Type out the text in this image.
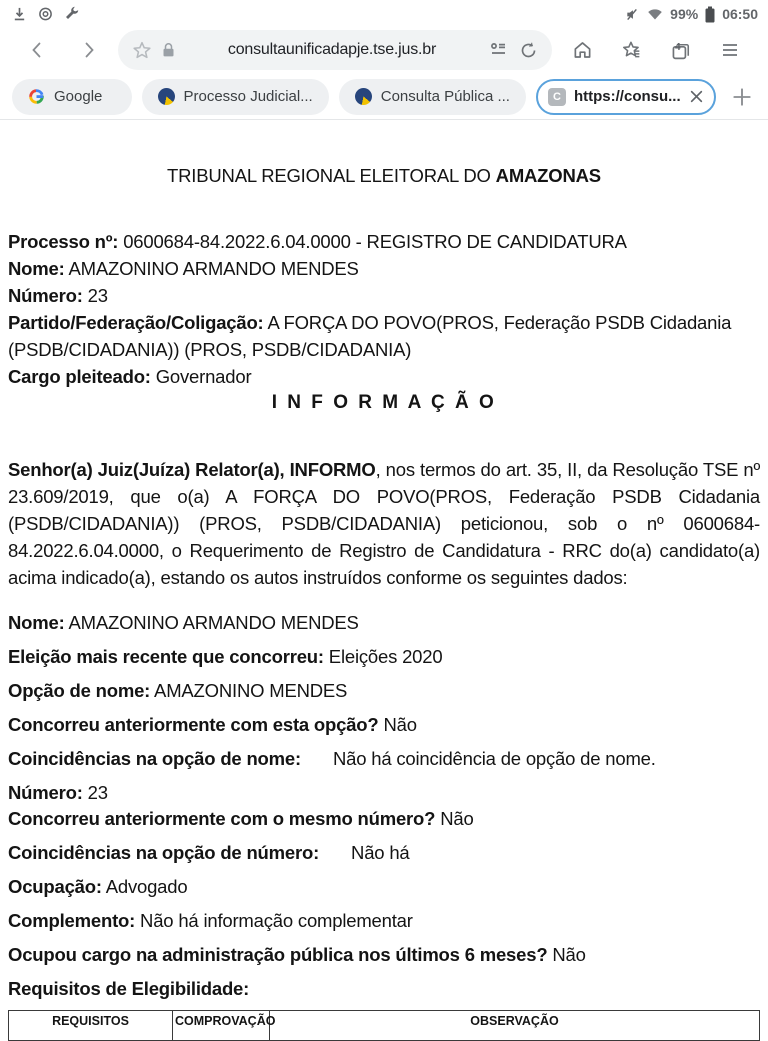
99% 06:50
consultaunificadapje.tse.jus.br	4
Google	Processo Judicial...	Consulta Pública ...	C https://consu...
TRIBUNAL REGIONAL ELEITORAL DO AMAZONAS
Processo nº: 0600684-84.2022.6.04.0000 - REGISTRO DE CANDIDATURA
Nome: AMAZONINO ARMANDO MENDES
Número: 23
Partido/Federação/Coligação: A FORÇA DO POVO(PROS, Federação PSDB Cidadania (PSDB/CIDADANIA)) (PROS, PSDB/CIDADANIA)
Cargo pleiteado: Governador
I N F O R M A Ç Ã O

Senhor(a) Juiz(Juíza) Relator(a), INFORMO, nos termos do art. 35, II, da Resolução TSE nº 23.609/2019, que o(a) A FORÇA DO POVO(PROS, Federação PSDB Cidadania (PSDB/CIDADANIA)) (PROS, PSDB/CIDADANIA) peticionou, sob o nº 0600684-84.2022.6.04.0000, o Requerimento de Registro de Candidatura - RRC do(a) candidato(a) acima indicado(a), estando os autos instruídos conforme os seguintes dados:

Nome: AMAZONINO ARMANDO MENDES
Eleição mais recente que concorreu: Eleições 2020
Opção de nome: AMAZONINO MENDES
Concorreu anteriormente com esta opção? Não
Coincidências na opção de nome: Não há coincidência de opção de nome.
Número: 23
Concorreu anteriormente com o mesmo número? Não
Coincidências na opção de número: Não há
Ocupação: Advogado
Complemento: Não há informação complementar
Ocupou cargo na administração pública nos últimos 6 meses? Não
Requisitos de Elegibilidade:
REQUISITOS	COMPROVAÇÃO	OBSERVAÇÃO
